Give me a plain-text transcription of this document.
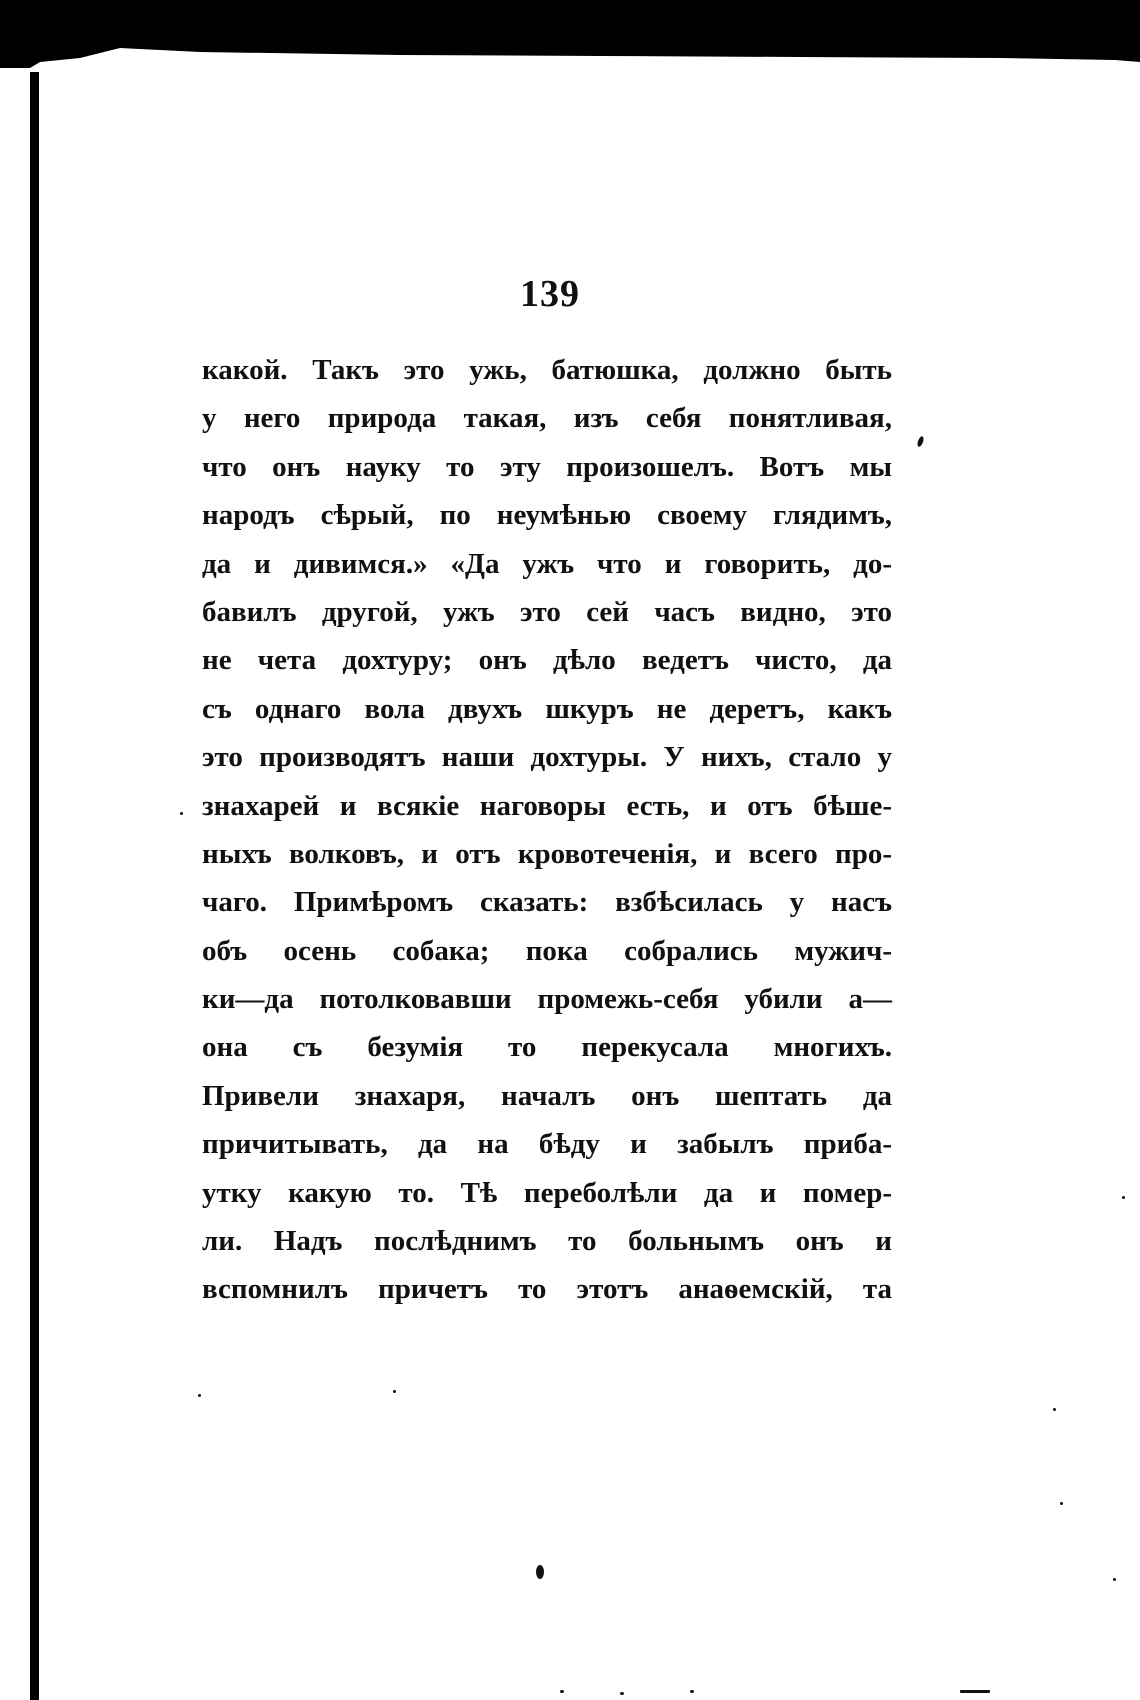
139
какой. Такъ это ужь, батюшка, должно быть
у него природа такая, изъ себя понятливая,
что онъ науку то эту произошелъ. Вотъ мы
народъ сѣрый, по неумѣнью своему глядимъ,
да и дивимся.» «Да ужъ что и говорить, до-
бавилъ другой, ужъ это сей часъ видно, это
не чета дохтуру; онъ дѣло ведетъ чисто, да
съ однаго вола двухъ шкуръ не деретъ, какъ
это производятъ наши дохтуры. У нихъ, стало у
знахарей и всякіе наговоры есть, и отъ бѣше-
ныхъ волковъ, и отъ кровотеченія, и всего про-
чаго. Примѣромъ сказать: взбѣсилась у насъ
объ осень собака; пока собрались мужич-
ки—да потолковавши промежь-себя убили а—
она съ безумія то перекусала многихъ.
Привели знахаря, началъ онъ шептать да
причитывать, да на бѣду и забылъ приба-
утку какую то. Тѣ переболѣли да и помер-
ли. Надъ послѣднимъ то больнымъ онъ и
вспомнилъ причетъ то этотъ анаѳемскій, та
